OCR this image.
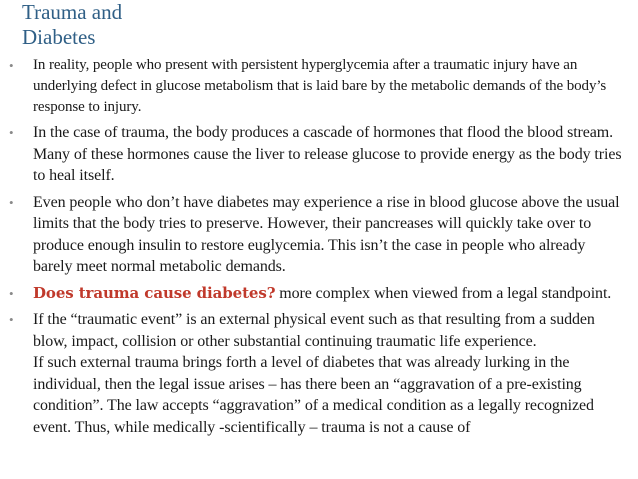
Trauma and
Diabetes
• In reality, people who present with persistent hyperglycemia after a traumatic injury have an underlying defect in glucose metabolism that is laid bare by the metabolic demands of the body’s response to injury.
• In the case of trauma, the body produces a cascade of hormones that flood the blood stream. Many of these hormones cause the liver to release glucose to provide energy as the body tries to heal itself.
• Even people who don’t have diabetes may experience a rise in blood glucose above the usual limits that the body tries to preserve. However, their pancreases will quickly take over to produce enough insulin to restore euglycemia. This isn’t the case in people who already barely meet normal metabolic demands.
• Does trauma cause diabetes? more complex when viewed from a legal standpoint.
• If the “traumatic event” is an external physical event such as that resulting from a sudden blow, impact, collision or other substantial continuing traumatic life experience.
If such external trauma brings forth a level of diabetes that was already lurking in the individual, then the legal issue arises – has there been an “aggravation of a pre-existing condition”. The law accepts “aggravation” of a medical condition as a legally recognized event. Thus, while medically -scientifically – trauma is not a cause of
